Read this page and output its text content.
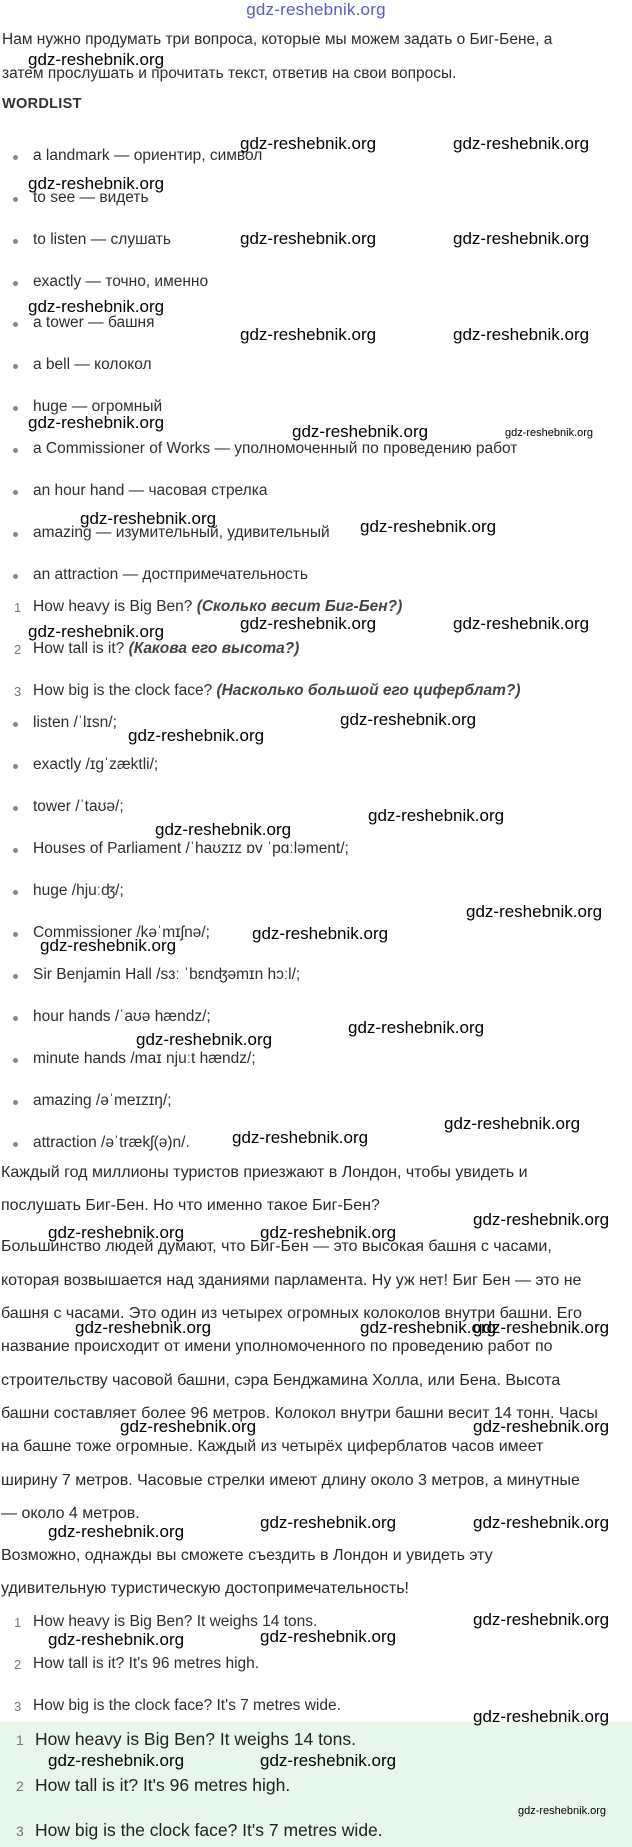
gdz-reshebnik.org
Нам нужно продумать три вопроса, которые мы можем задать о Биг-Бене, а
затем прослушать и прочитать текст, ответив на свои вопросы.
WORDLIST
a landmark — ориентир, символ
to see — видеть
to listen — слушать
exactly — точно, именно
a tower — башня
a bell — колокол
huge — огромный
a Commissioner of Works — уполномоченный по проведению работ
an hour hand — часовая стрелка
amazing — изумительный, удивительный
an attraction — достпримечательность
1 How heavy is Big Ben? (Сколько весит Биг-Бен?)
2 How tall is it? (Какова его высота?)
3 How big is the clock face? (Насколько большой его циферблат?)
listen /ˈlɪsn/;
exactly /ɪɡˈzæktli/;
tower /ˈtaʊə/;
Houses of Parliament /ˈhaʊzɪz ɒv ˈpɑːləment/;
huge /hjuːʤ/;
Commissioner /kəˈmɪʃnə/;
Sir Benjamin Hall /sɜː ˈbɛnʤəmɪn hɔːl/;
hour hands /ˈaʊə hændz/;
minute hands /maɪ njuːt hændz/;
amazing /əˈmeɪzɪŋ/;
attraction /əˈtrækʃ(ə)n/.
Каждый год миллионы туристов приезжают в Лондон, чтобы увидеть и
послушать Биг-Бен. Но что именно такое Биг-Бен?
Большинство людей думают, что Биг-Бен — это высокая башня с часами,
которая возвышается над зданиями парламента. Ну уж нет! Биг Бен — это не
башня с часами. Это один из четырех огромных колоколов внутри башни. Его
название происходит от имени уполномоченного по проведению работ по
строительству часовой башни, сэра Бенджамина Холла, или Бена. Высота
башни составляет более 96 метров. Колокол внутри башни весит 14 тонн. Часы
на башне тоже огромные. Каждый из четырёх циферблатов часов имеет
ширину 7 метров. Часовые стрелки имеют длину около 3 метров, а минутные
— около 4 метров.
Возможно, однажды вы сможете съездить в Лондон и увидеть эту
удивительную туристическую достопримечательность!
1 How heavy is Big Ben? It weighs 14 tons.
2 How tall is it? It's 96 metres high.
3 How big is the clock face? It's 7 metres wide.
1 How heavy is Big Ben? It weighs 14 tons.
2 How tall is it? It's 96 metres high.
3 How big is the clock face? It's 7 metres wide.
gdz-reshebnik.org
gdz-reshebnik.org	gdz-reshebnik.org
gdz-reshebnik.org
gdz-reshebnik.org	gdz-reshebnik.org
gdz-reshebnik.org
gdz-reshebnik.org	gdz-reshebnik.org
gdz-reshebnik.org	gdz-reshebnik.org	gdz-reshebnik.org
gdz-reshebnik.org	gdz-reshebnik.org
gdz-reshebnik.org	gdz-reshebnik.org
gdz-reshebnik.org
gdz-reshebnik.org
gdz-reshebnik.org
gdz-reshebnik.org
gdz-reshebnik.org
gdz-reshebnik.org
gdz-reshebnik.org
gdz-reshebnik.org
gdz-reshebnik.org
gdz-reshebnik.org
gdz-reshebnik.org
gdz-reshebnik.org
gdz-reshebnik.org
gdz-reshebnik.org	gdz-reshebnik.org
gdz-reshebnik.org	gdz-reshebnik.org
gdz-reshebnik.org
gdz-reshebnik.org	gdz-reshebnik.org
gdz-reshebnik.org	gdz-reshebnik.org
gdz-reshebnik.org
gdz-reshebnik.org
gdz-reshebnik.org
gdz-reshebnik.org
gdz-reshebnik.org
gdz-reshebnik.org	gdz-reshebnik.org
gdz-reshebnik.org
